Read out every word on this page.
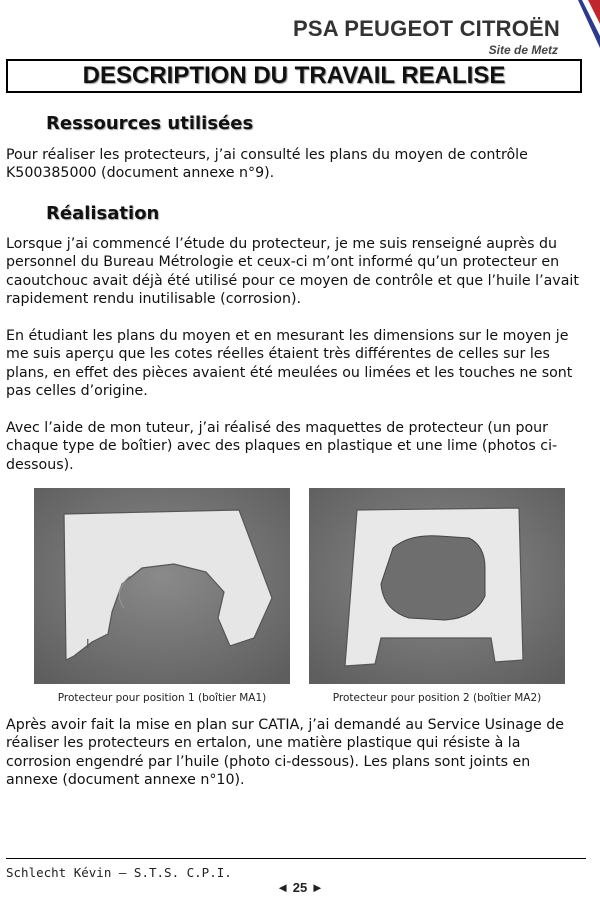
PSA PEUGEOT CITROËN
Site de Metz
DESCRIPTION DU TRAVAIL REALISE
Ressources utilisées

Pour réaliser les protecteurs, j’ai consulté les plans du moyen de contrôle K500385000 (document annexe n°9).

Réalisation

Lorsque j’ai commencé l’étude du protecteur, je me suis renseigné auprès du personnel du Bureau Métrologie et ceux-ci m’ont informé qu’un protecteur en caoutchouc avait déjà été utilisé pour ce moyen de contrôle et que l’huile l’avait rapidement rendu inutilisable (corrosion).

En étudiant les plans du moyen et en mesurant les dimensions sur le moyen je me suis aperçu que les cotes réelles étaient très différentes de celles sur les plans, en effet des pièces avaient été meulées ou limées et les touches ne sont pas celles d’origine.

Avec l’aide de mon tuteur, j’ai réalisé des maquettes de protecteur (un pour chaque type de boîtier) avec des plaques en plastique et une lime (photos ci-dessous).

I
Protecteur pour position 1 (boîtier MA1)	Protecteur pour position 2 (boîtier MA2)

Après avoir fait la mise en plan sur CATIA, j’ai demandé au Service Usinage de réaliser les protecteurs en ertalon, une matière plastique qui résiste à la corrosion engendré par l’huile (photo ci-dessous). Les plans sont joints en annexe (document annexe n°10).

Schlecht Kévin – S.T.S. C.P.I.
◄ 25 ►
